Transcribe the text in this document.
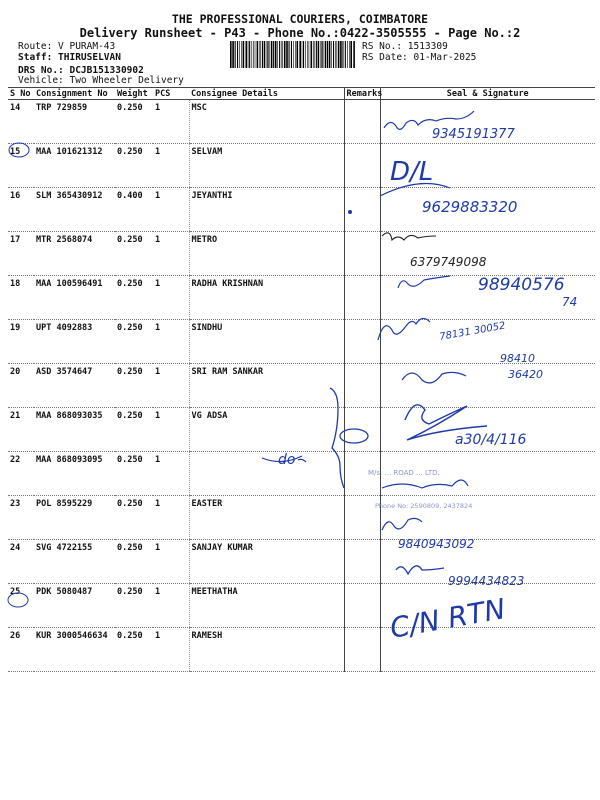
THE PROFESSIONAL COURIERS, COIMBATORE
Delivery Runsheet - P43 - Phone No.:0422-3505555 - Page No.:2
Route: V PURAM-43
Staff: THIRUSELVAN
DRS No.: DCJB151330902
Vehicle: Two Wheeler Delivery
RS No.: 1513309
RS Date: 01-Mar-2025
S No	Consignment No	Weight	PCS	Consignee Details	Remarks	Seal & Signature
14	TRP 729859	0.250	1	MSC		
15	MAA 101621312	0.250	1	SELVAM		
16	SLM 365430912	0.400	1	JEYANTHI		
17	MTR 2568074	0.250	1	METRO		
18	MAA 100596491	0.250	1	RADHA KRISHNAN		
19	UPT 4092883	0.250	1	SINDHU		
20	ASD 3574647	0.250	1	SRI RAM SANKAR		
21	MAA 868093035	0.250	1	VG ADSA		
22	MAA 868093095	0.250	1			
23	POL 8595229	0.250	1	EASTER		
24	SVG 4722155	0.250	1	SANJAY KUMAR		
25	PDK 5080487	0.250	1	MEETHATHA		
26	KUR 3000546634	0.250	1	RAMESH		
9345191377
D/L
9629883320
6379749098
98940576
74
78131 30052
98410
36420
do
a30/4/116
M/s. ... ROAD ... LTD.
Phone No: 2590809, 2437824
9840943092
9994434823
C/N RTN
